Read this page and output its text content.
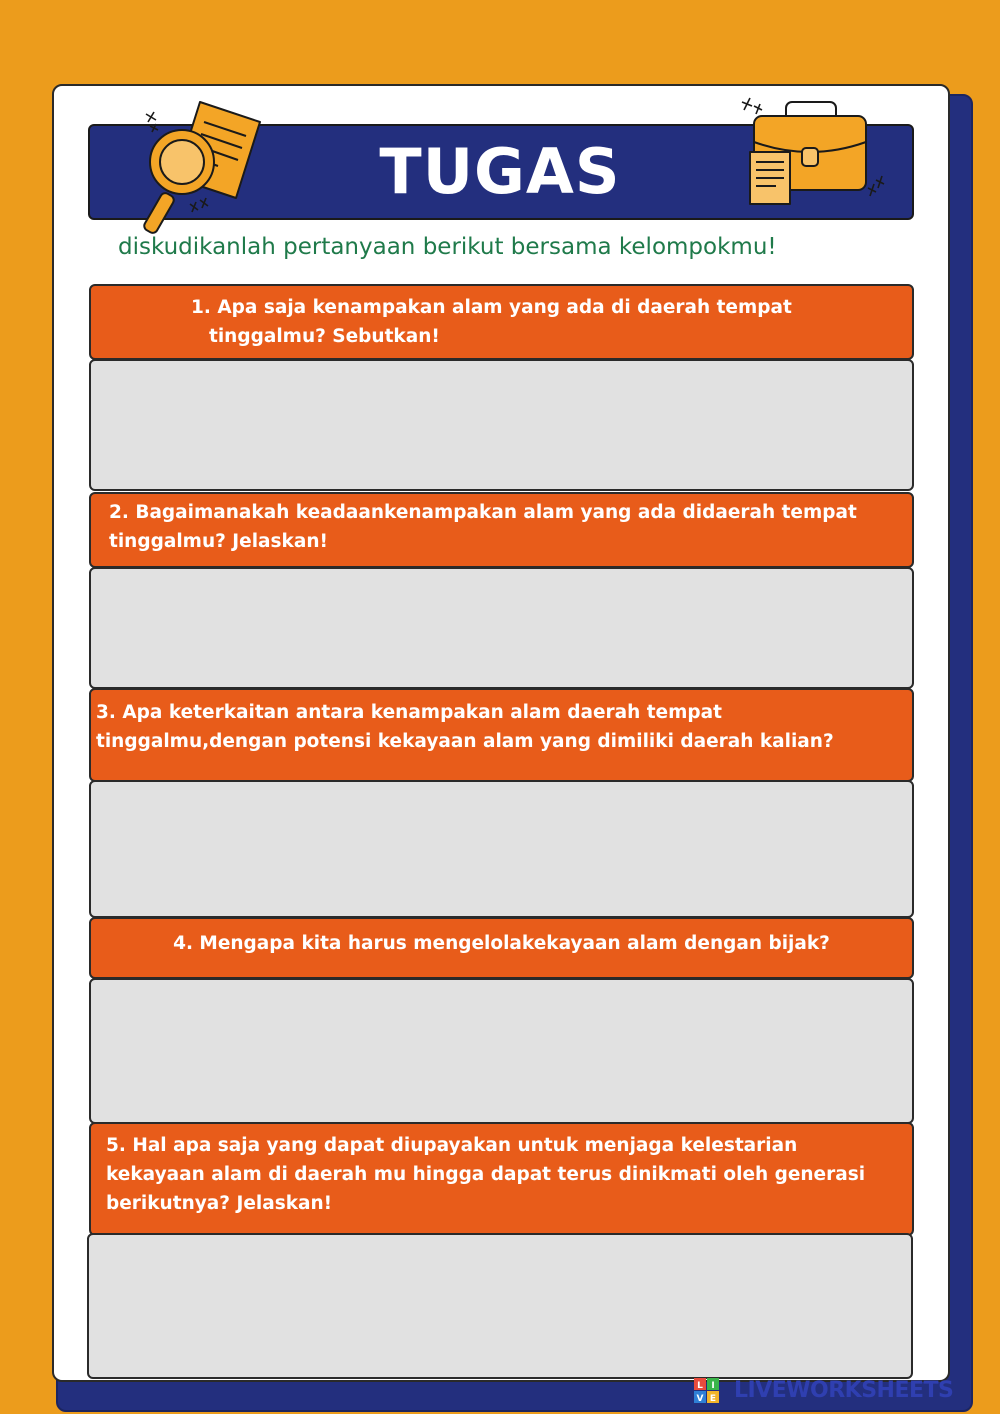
TUGAS
diskudikanlah pertanyaan berikut bersama kelompokmu!
1. Apa saja kenampakan alam yang ada di daerah tempat tinggalmu? Sebutkan!
2. Bagaimanakah keadaankenampakan alam yang ada didaerah tempat tinggalmu? Jelaskan!
3. Apa keterkaitan antara kenampakan alam daerah tempat tinggalmu,dengan potensi kekayaan alam yang dimiliki daerah kalian?
4. Mengapa kita harus mengelolakekayaan alam dengan bijak?
5. Hal apa saja yang dapat diupayakan untuk menjaga kelestarian kekayaan alam di daerah mu hingga dapat terus dinikmati oleh generasi berikutnya? Jelaskan!
L I
V E LIVEWORKSHEETS
